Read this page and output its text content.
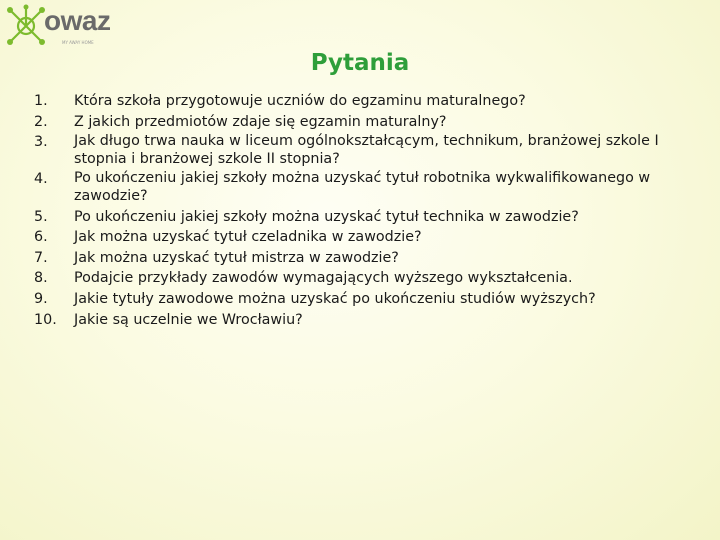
owaz
MY AWAY HOME
Pytania
1.	Która szkoła przygotowuje uczniów do egzaminu maturalnego?
2.	Z jakich przedmiotów zdaje się egzamin maturalny?
3.	Jak długo trwa nauka w liceum ogólnokształcącym, technikum, branżowej szkole I stopnia i branżowej szkole II stopnia?
4.	Po ukończeniu jakiej szkoły można uzyskać tytuł robotnika wykwalifikowanego w zawodzie?
5.	Po ukończeniu jakiej szkoły można uzyskać tytuł technika w zawodzie?
6.	Jak można uzyskać tytuł czeladnika w zawodzie?
7.	Jak można uzyskać tytuł mistrza w zawodzie?
8.	Podajcie przykłady zawodów wymagających wyższego wykształcenia.
9.	Jakie tytuły zawodowe można uzyskać po ukończeniu studiów wyższych?
10.	Jakie są uczelnie we Wrocławiu?
